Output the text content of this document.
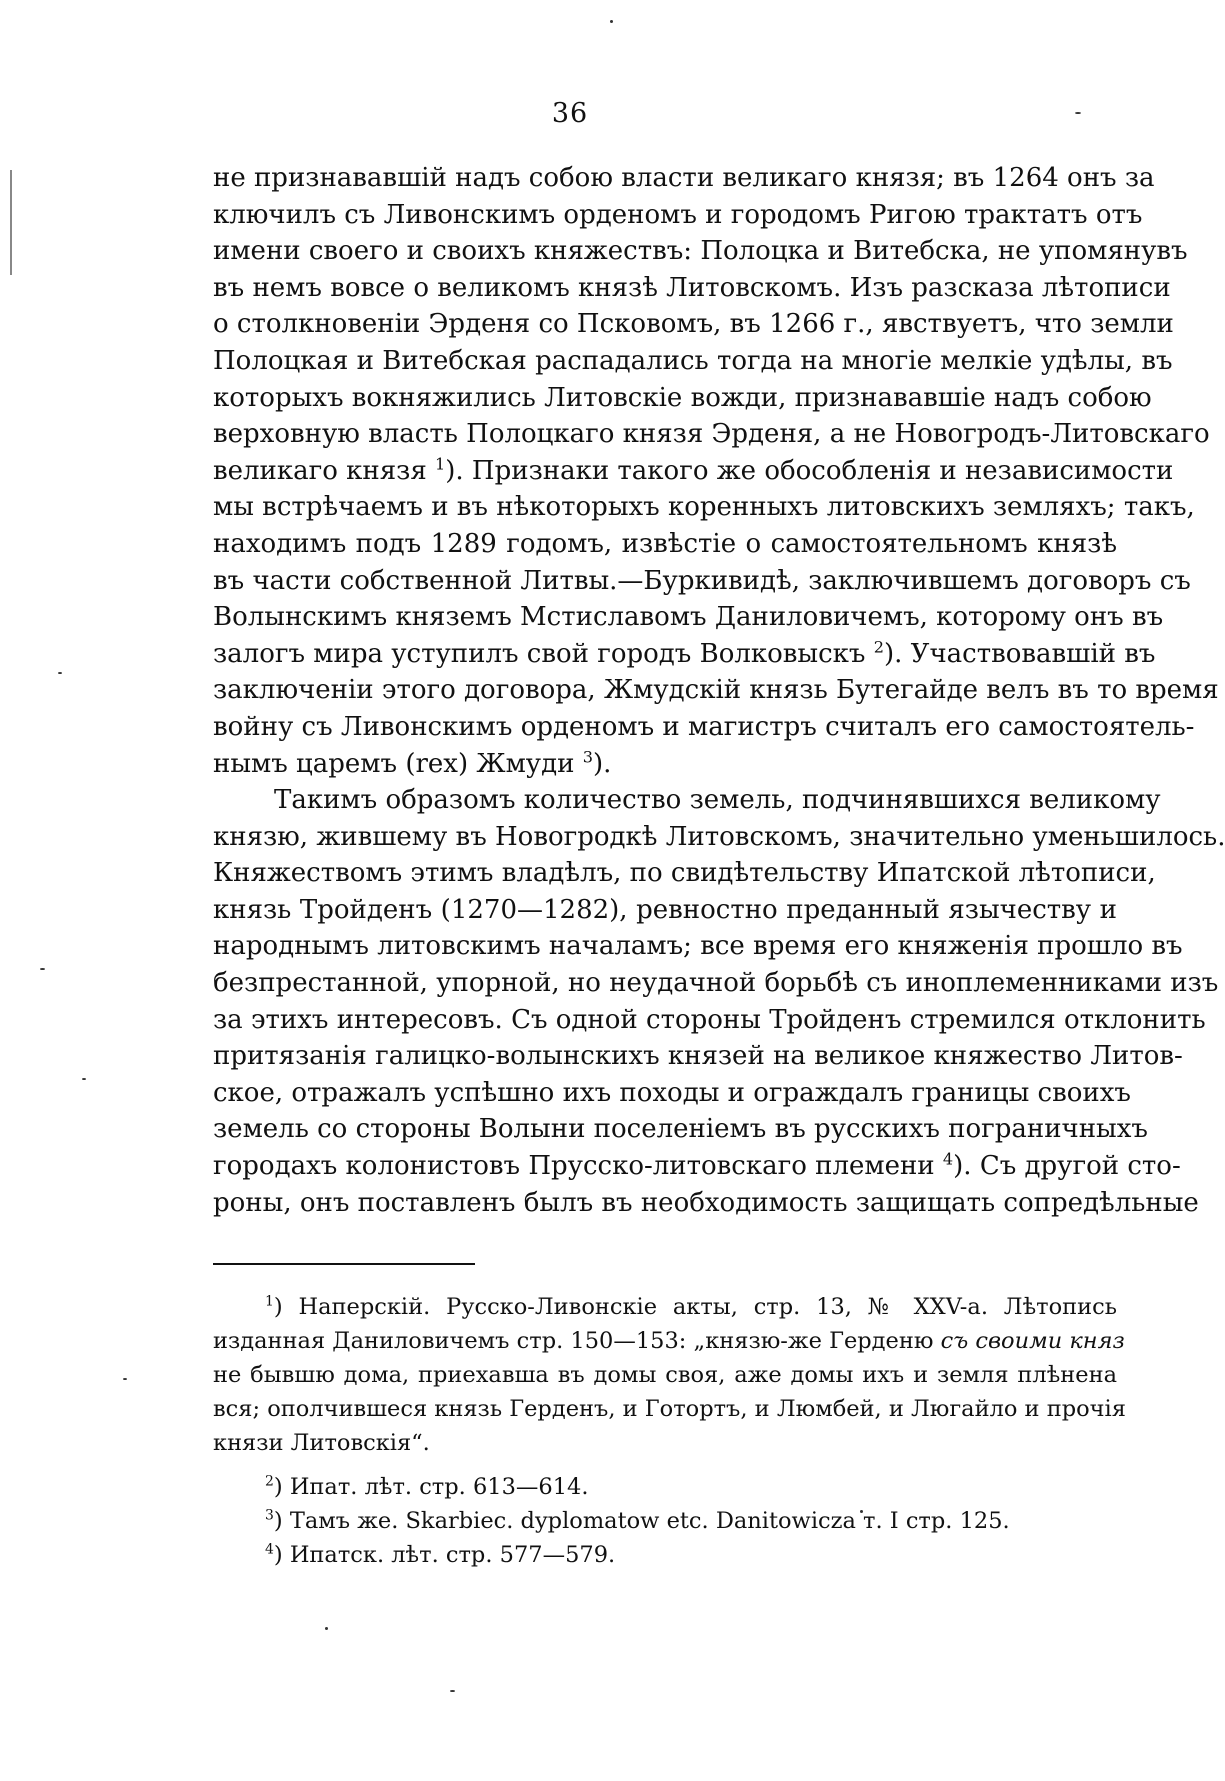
36
не признававшій надъ собою власти великаго князя; въ 1264 онъ за
ключилъ съ Ливонскимъ орденомъ и городомъ Ригою трактатъ отъ
имени своего и своихъ княжествъ: Полоцка и Витебска, не упомянувъ
въ немъ вовсе о великомъ князѣ Литовскомъ. Изъ разсказа лѣтописи
о столкновеніи Эрденя со Псковомъ, въ 1266 г., явствуетъ, что земли
Полоцкая и Витебская распадались тогда на многіе мелкіе удѣлы, въ
которыхъ вокняжились Литовскіе вожди, признававшіе надъ собою
верховную власть Полоцкаго князя Эрденя, а не Новогродъ-Литовскаго
великаго князя $^1$). Признаки такого же обособленія и независимости
мы встрѣчаемъ и въ нѣкоторыхъ коренныхъ литовскихъ земляхъ; такъ,
находимъ подъ 1289 годомъ, извѣстіе о самостоятельномъ князѣ
въ части собственной Литвы.—Буркивидѣ, заключившемъ договоръ съ
Волынскимъ княземъ Мстиславомъ Даниловичемъ, которому онъ въ
залогъ мира уступилъ свой городъ Волковыскъ $^2$). Участвовавшій въ
заключеніи этого договора, Жмудскій князь Бутегайде велъ въ то время
войну съ Ливонскимъ орденомъ и магистръ считалъ его самостоятель-
нымъ царемъ (rex) Жмуди $^3$).
Такимъ образомъ количество земель, подчинявшихся великому
князю, жившему въ Новогродкѣ Литовскомъ, значительно уменьшилось.
Княжествомъ этимъ владѣлъ, по свидѣтельству Ипатской лѣтописи,
князь Тройденъ (1270—1282), ревностно преданный язычеству и
народнымъ литовскимъ началамъ; все время его княженія прошло въ
безпрестанной, упорной, но неудачной борьбѣ съ иноплеменниками изъ
за этихъ интересовъ. Съ одной стороны Тройденъ стремился отклонить
притязанія галицко-волынскихъ князей на великое княжество Литов-
ское, отражалъ успѣшно ихъ походы и ограждалъ границы своихъ
земель со стороны Волыни поселеніемъ въ русскихъ пограничныхъ
городахъ колонистовъ Прусско-литовскаго племени $^4$). Съ другой сто-
роны, онъ поставленъ былъ въ необходимость защищать сопредѣльные
$^1$) Наперскій. Русско-Ливонскіе акты, стр. 13, № XXV-a. Лѣтопись
изданная Даниловичемъ стр. 150—153: „князю-же Герденю съ своими княз
не бывшю дома, приехавша въ домы своя, аже домы ихъ и земля плѣнена
вся; ополчившеся князь Герденъ, и Готортъ, и Люмбей, и Люгайло и прочія
князи Литовскія“.
$^2$) Ипат. лѣт. стр. 613—614.
$^3$) Тамъ же. Skarbiec. dyplomatow etc. Danitowicza т. I стр. 125.
$^4$) Ипатск. лѣт. стр. 577—579.
